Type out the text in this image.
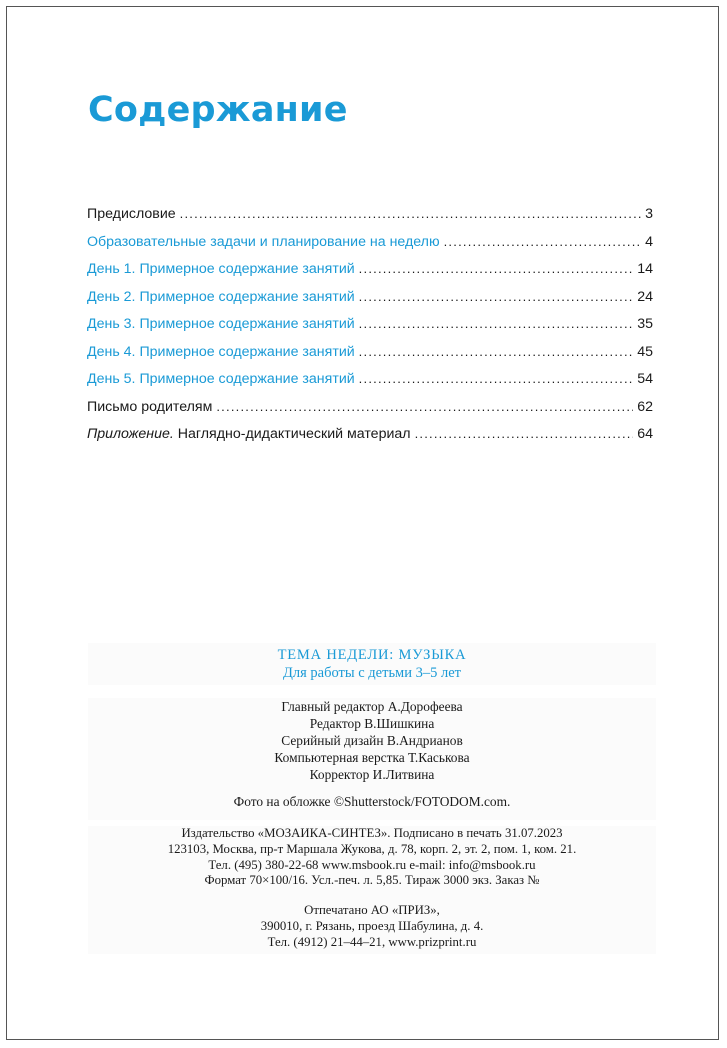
Содержание
Предисловие . . .	3
Образовательные задачи и планирование на неделю . . .	4
День 1. Примерное содержание занятий . . .	14
День 2. Примерное содержание занятий . . .	24
День 3. Примерное содержание занятий . . .	35
День 4. Примерное содержание занятий . . .	45
День 5. Примерное содержание занятий . . .	54
Письмо родителям . . .	62
Приложение. Наглядно-дидактический материал . . .	64
ТЕМА НЕДЕЛИ: МУЗЫКА
Для работы с детьми 3–5 лет
Главный редактор А.Дорофеева
Редактор В.Шишкина
Серийный дизайн В.Андрианов
Компьютерная верстка Т.Каськова
Корректор И.Литвина
Фото на обложке ©Shutterstock/FOTODOM.com.
Издательство «МОЗАИКА-СИНТЕЗ». Подписано в печать 31.07.2023
123103, Москва, пр-т Маршала Жукова, д. 78, корп. 2, эт. 2, пом. 1, ком. 21.
Тел. (495) 380-22-68 www.msbook.ru e-mail: info@msbook.ru
Формат 70×100/16. Усл.-печ. л. 5,85. Тираж 3000 экз. Заказ №
Отпечатано АО «ПРИЗ»,
390010, г. Рязань, проезд Шабулина, д. 4.
Тел. (4912) 21–44–21, www.prizprint.ru
